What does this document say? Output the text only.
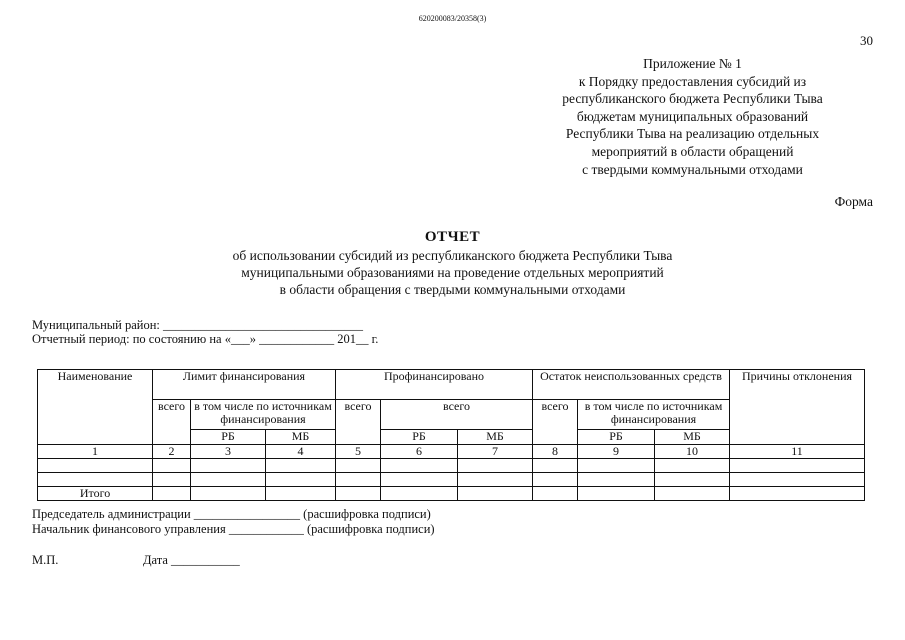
620200083/20358(3)
30
Приложение № 1
к Порядку предоставления субсидий из
республиканского бюджета Республики Тыва
бюджетам муниципальных образований
Республики Тыва на реализацию отдельных
мероприятий в области обращений
с твердыми коммунальными отходами
Форма
ОТЧЕТ
об использовании субсидий из республиканского бюджета Республики Тыва
муниципальными образованиями на проведение отдельных мероприятий
в области обращения с твердыми коммунальными отходами
Муниципальный район: ________________________________
Отчетный период: по состоянию на «___» ____________ 201__ г.
Наименование	Лимит финансирования			Профинансировано			Остаток неиспользованных средств			Причины отклонения
	всего	в том числе по источникам финансирования		всего	всего		всего	в том числе по источникам финансирования		
		РБ	МБ		РБ	МБ		РБ	МБ	
1	2	3	4	5	6	7	8	9	10	11

Итого										
Председатель администрации _________________ (расшифровка подписи)
Начальник финансового управления ____________ (расшифровка подписи)
М.П.	Дата ___________
